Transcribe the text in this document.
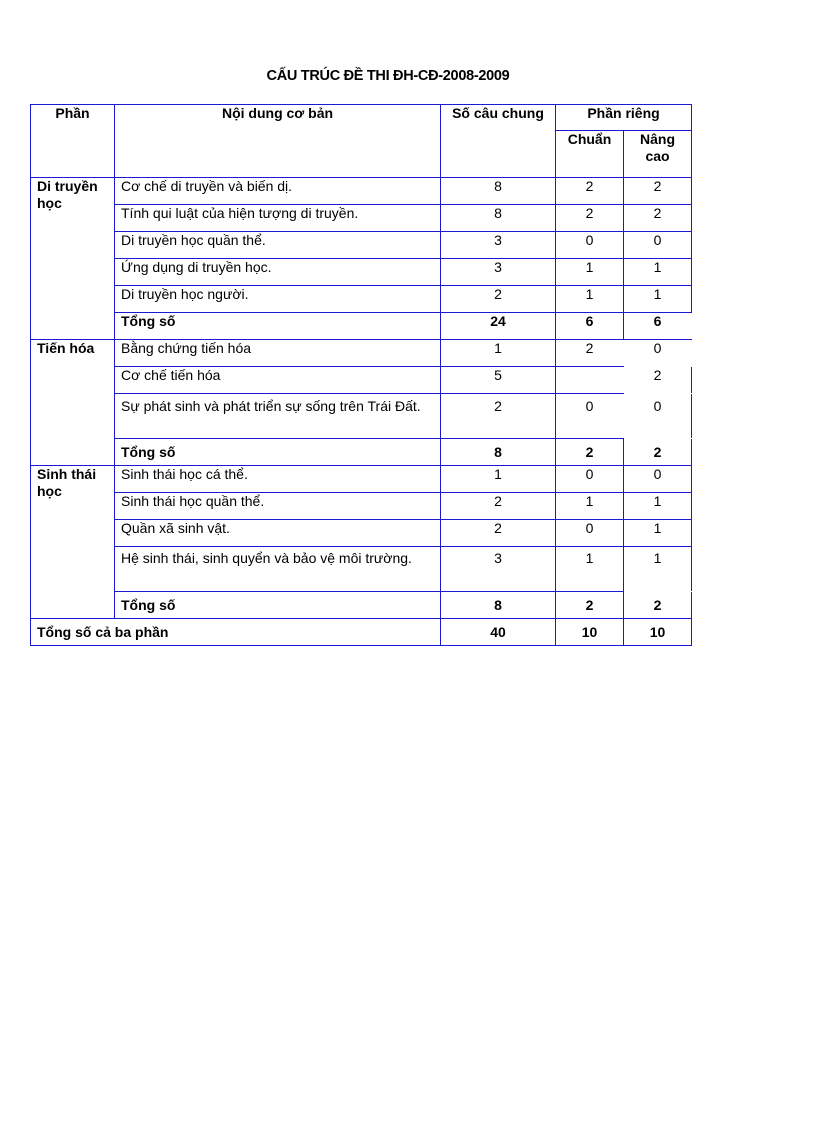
CẤU TRÚC ĐỀ THI ĐH-CĐ-2008-2009
Phần	Nội dung cơ bản	Số câu chung	Phần riêng	
			Chuẩn	Nâng cao
Di truyền học	Cơ chế di truyền và biến dị.	8	2	2
	Tính qui luật của hiện tượng di truyền.	8	2	2
	Di truyền học quần thể.	3	0	0
	Ứng dụng di truyền học.	3	1	1
	Di truyền học người.	2	1	1
	Tổng số	24	6	6
Tiến hóa	Bằng chứng tiến hóa	1	2	0
	Cơ chế tiến hóa	5		2
	Sự phát sinh và phát triển sự sống trên Trái Đất.	2	0	0
	Tổng số	8	2	2
Sinh thái học	Sinh thái học cá thể.	1	0	0
	Sinh thái học quần thể.	2	1	1
	Quần xã sinh vật.	2	0	1
	Hệ sinh thái, sinh quyển và bảo vệ môi trường.	3	1	1
	Tổng số	8	2	2
Tổng số cả ba phần		40	10	10
